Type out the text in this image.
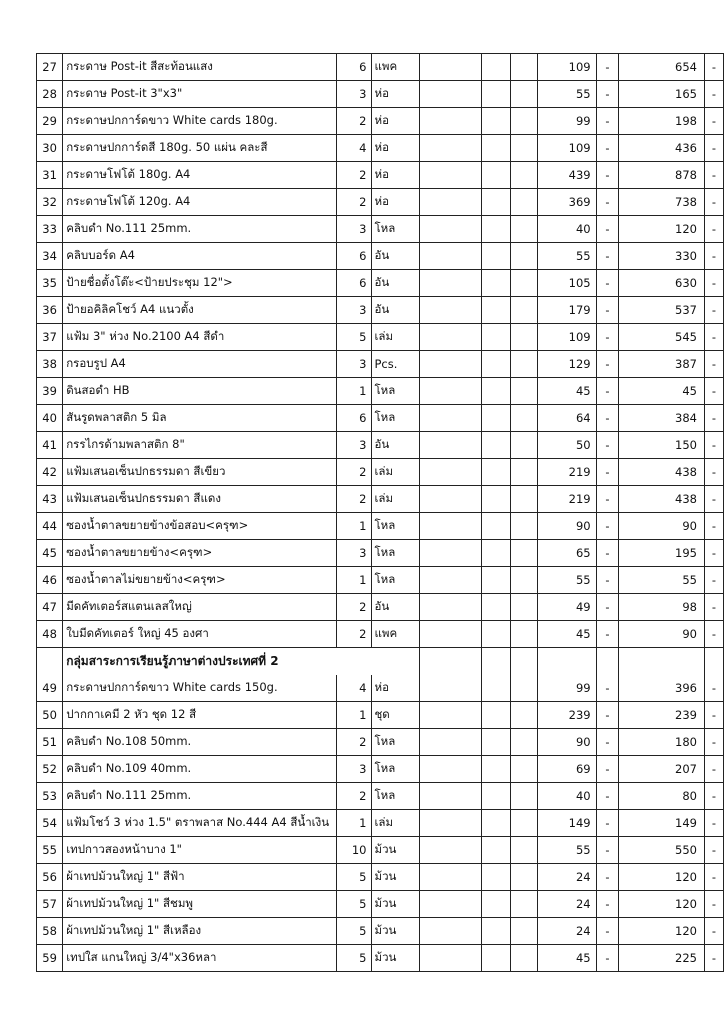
27	กระดาษ Post-it สีสะท้อนแสง	6	แพค				109	-	654	-
28	กระดาษ Post-it 3"x3"	3	ห่อ				55	-	165	-
29	กระดาษปกการ์ดขาว White cards 180g.	2	ห่อ				99	-	198	-
30	กระดาษปกการ์ดสี 180g. 50 แผ่น คละสี	4	ห่อ				109	-	436	-
31	กระดาษโฟโต้ 180g. A4	2	ห่อ				439	-	878	-
32	กระดาษโฟโต้ 120g. A4	2	ห่อ				369	-	738	-
33	คลิบดำ No.111 25mm.	3	โหล				40	-	120	-
34	คลิบบอร์ด A4	6	อัน				55	-	330	-
35	ป้ายชื่อตั้งโต๊ะ<ป้ายประชุม 12">	6	อัน				105	-	630	-
36	ป้ายอคิลิคโชว์ A4 แนวตั้ง	3	อัน				179	-	537	-
37	แฟ้ม 3" ห่วง No.2100 A4 สีดำ	5	เล่ม				109	-	545	-
38	กรอบรูป A4	3	Pcs.				129	-	387	-
39	ดินสอดำ HB	1	โหล				45	-	45	-
40	สันรูดพลาสติก 5 มิล	6	โหล				64	-	384	-
41	กรรไกรด้ามพลาสติก 8"	3	อัน				50	-	150	-
42	แฟ้มเสนอเซ็นปกธรรมดา สีเขียว	2	เล่ม				219	-	438	-
43	แฟ้มเสนอเซ็นปกธรรมดา สีแดง	2	เล่ม				219	-	438	-
44	ซองน้ำตาลขยายข้างข้อสอบ<ครุฑ>	1	โหล				90	-	90	-
45	ซองน้ำตาลขยายข้าง<ครุฑ>	3	โหล				65	-	195	-
46	ซองน้ำตาลไม่ขยายข้าง<ครุฑ>	1	โหล				55	-	55	-
47	มีดคัทเตอร์สแตนเลสใหญ่	2	อัน				49	-	98	-
48	ใบมีดคัทเตอร์ ใหญ่ 45 องศา	2	แพค				45	-	90	-
	กลุ่มสาระการเรียนรู้ภาษาต่างประเทศที่ 2									
49	กระดาษปกการ์ดขาว White cards 150g.	4	ห่อ				99	-	396	-
50	ปากกาเคมี 2 หัว ชุด 12 สี	1	ชุด				239	-	239	-
51	คลิบดำ No.108 50mm.	2	โหล				90	-	180	-
52	คลิบดำ No.109 40mm.	3	โหล				69	-	207	-
53	คลิบดำ No.111 25mm.	2	โหล				40	-	80	-
54	แฟ้มโชว์ 3 ห่วง 1.5" ตราพลาส No.444 A4 สีน้ำเงิน	1	เล่ม				149	-	149	-
55	เทปกาวสองหน้าบาง 1"	10	ม้วน				55	-	550	-
56	ผ้าเทปม้วนใหญ่ 1" สีฟ้า	5	ม้วน				24	-	120	-
57	ผ้าเทปม้วนใหญ่ 1" สีชมพู	5	ม้วน				24	-	120	-
58	ผ้าเทปม้วนใหญ่ 1" สีเหลือง	5	ม้วน				24	-	120	-
59	เทปใส แกนใหญ่ 3/4"x36หลา	5	ม้วน				45	-	225	-
